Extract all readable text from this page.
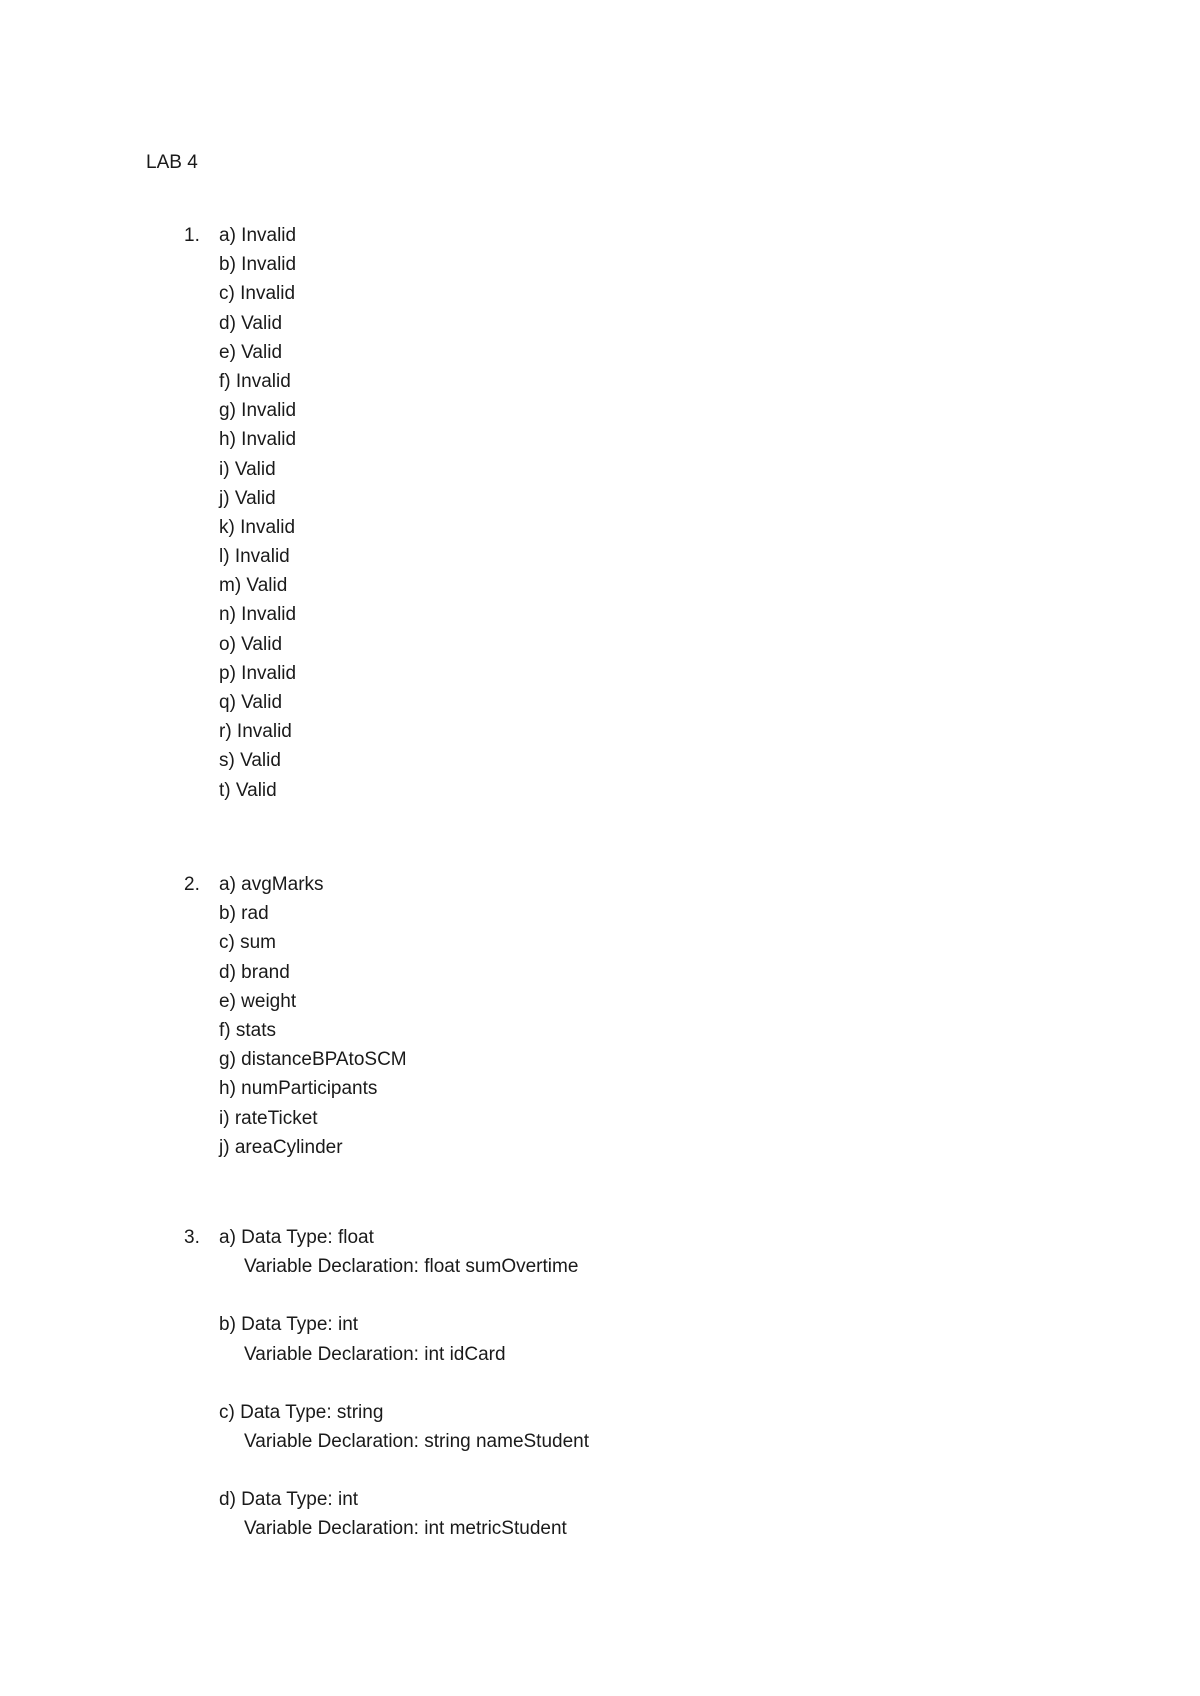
LAB 4
1. a) Invalid
b) Invalid
c) Invalid
d) Valid
e) Valid
f) Invalid
g) Invalid
h) Invalid
i) Valid
j) Valid
k) Invalid
l) Invalid
m) Valid
n) Invalid
o) Valid
p) Invalid
q) Valid
r) Invalid
s) Valid
t) Valid
2. a) avgMarks
b) rad
c) sum
d) brand
e) weight
f) stats
g) distanceBPAtoSCM
h) numParticipants
i) rateTicket
j) areaCylinder
3. a) Data Type: float
Variable Declaration: float sumOvertime
b) Data Type: int
Variable Declaration: int idCard
c) Data Type: string
Variable Declaration: string nameStudent
d) Data Type: int
Variable Declaration: int metricStudent
